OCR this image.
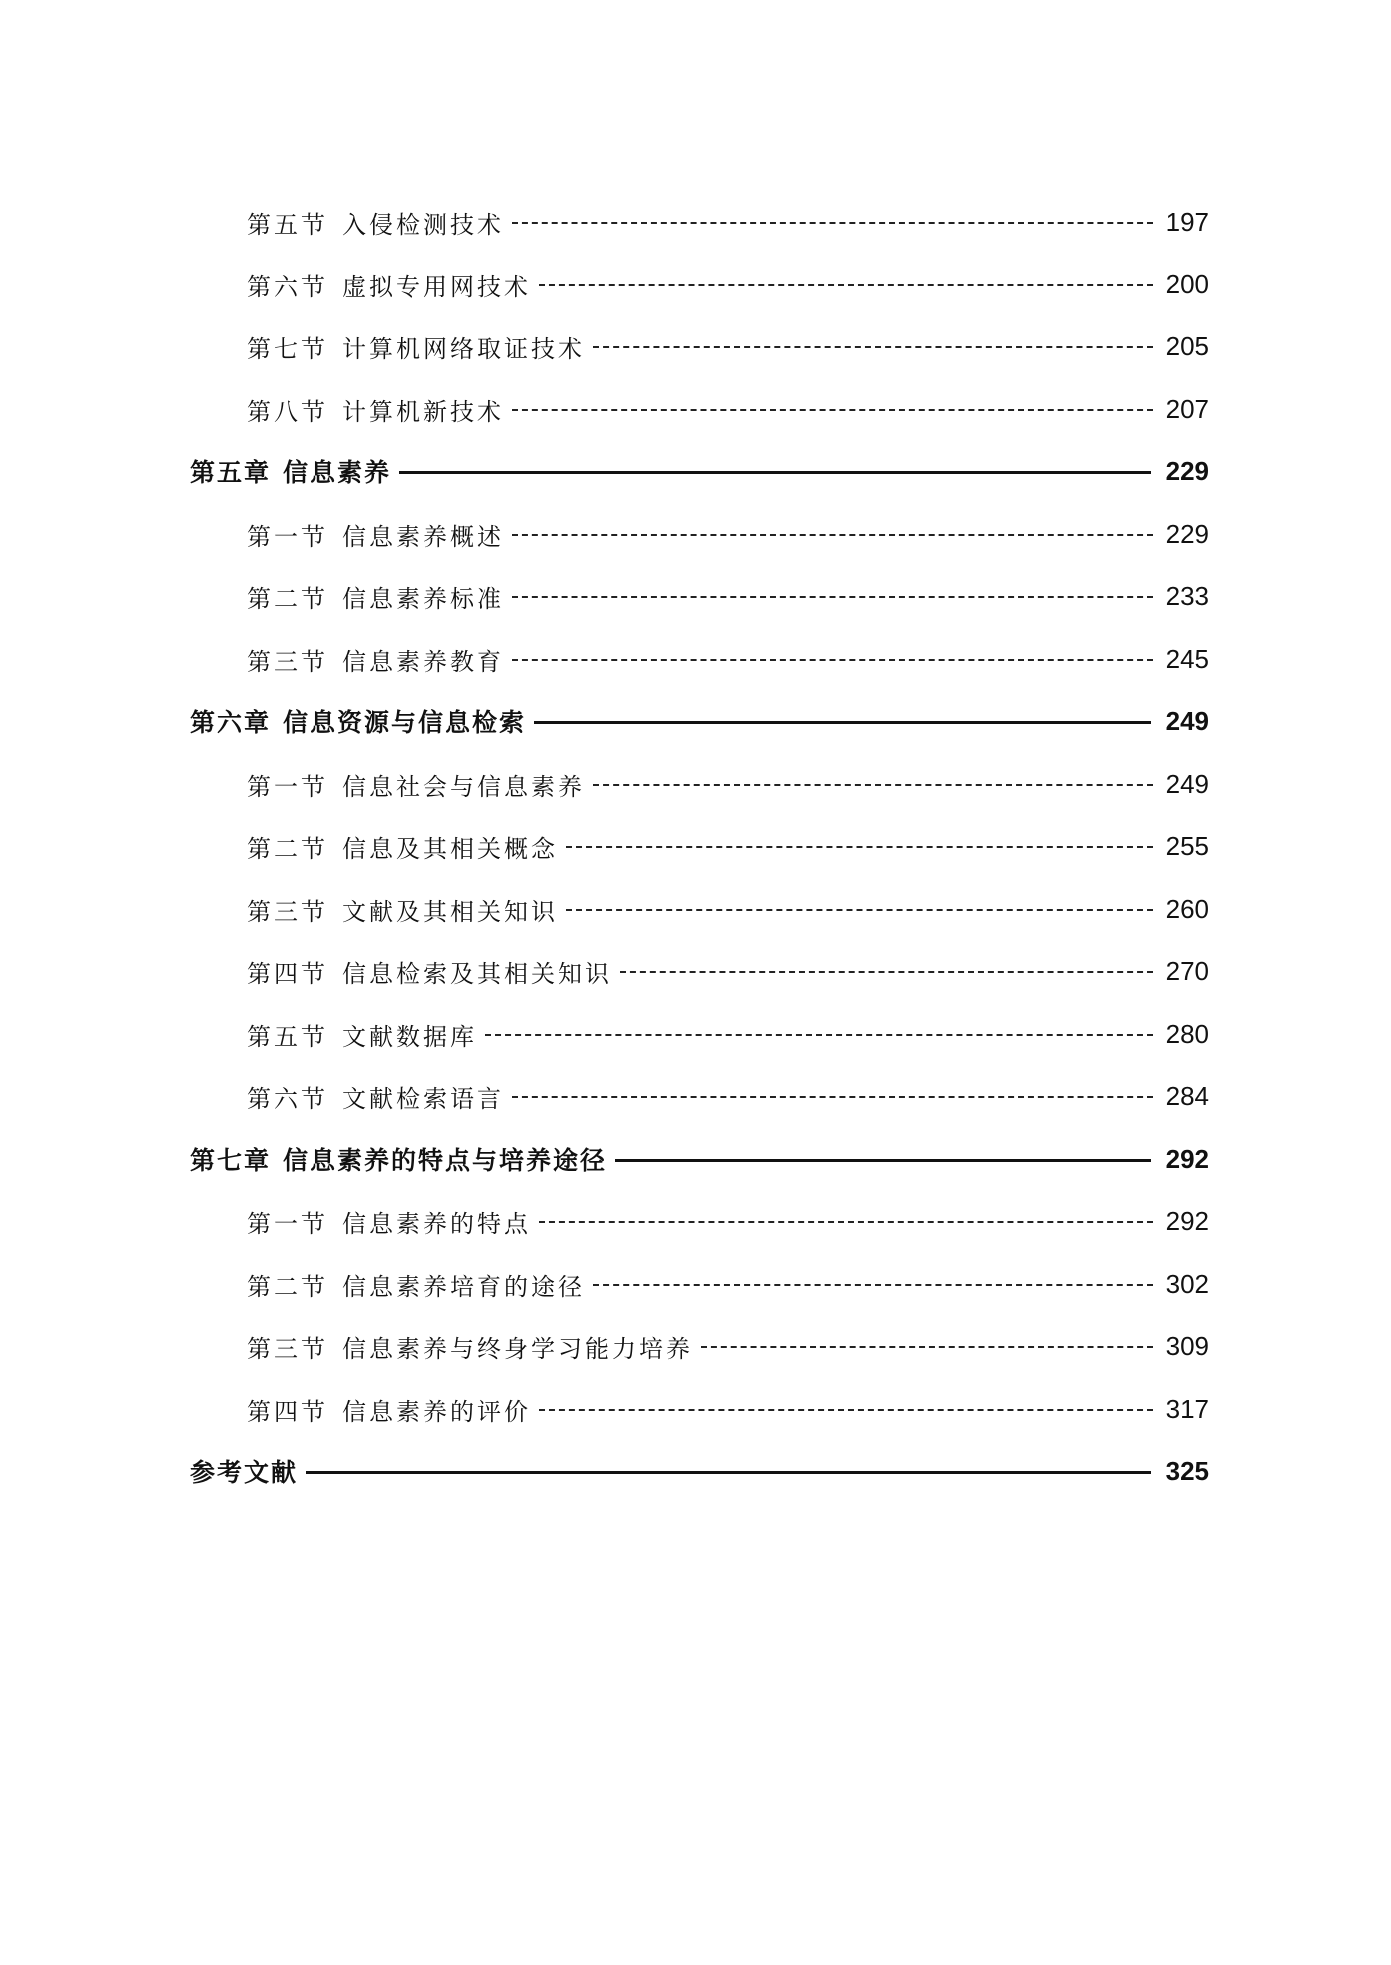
第五节 入侵检测技术	197
第六节 虚拟专用网技术	200
第七节 计算机网络取证技术	205
第八节 计算机新技术	207
第五章 信息素养	229
第一节 信息素养概述	229
第二节 信息素养标准	233
第三节 信息素养教育	245
第六章 信息资源与信息检索	249
第一节 信息社会与信息素养	249
第二节 信息及其相关概念	255
第三节 文献及其相关知识	260
第四节 信息检索及其相关知识	270
第五节 文献数据库	280
第六节 文献检索语言	284
第七章 信息素养的特点与培养途径	292
第一节 信息素养的特点	292
第二节 信息素养培育的途径	302
第三节 信息素养与终身学习能力培养	309
第四节 信息素养的评价	317
参考文献	325
